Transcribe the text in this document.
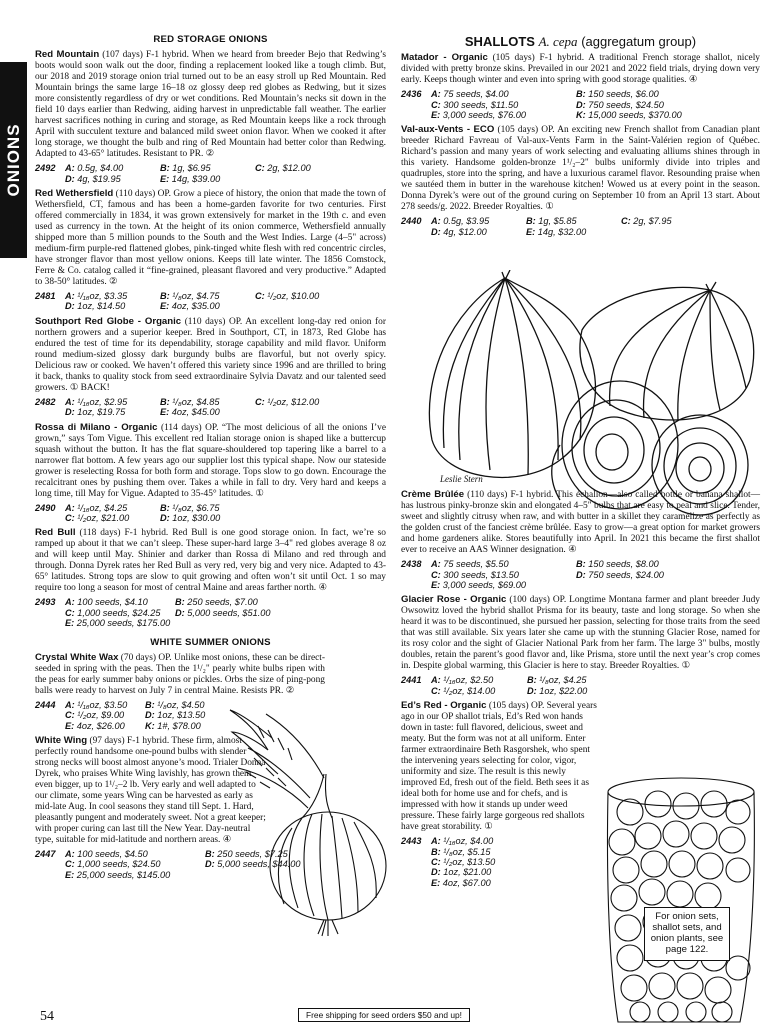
ONIONS
RED STORAGE ONIONS
Red Mountain (107 days) F-1 hybrid. When we heard from breeder Bejo that Redwing’s boots would soon walk out the door, finding a replacement looked like a tough climb. But, our 2018 and 2019 storage onion trial turned out to be an easy stroll up Red Mountain. Red Mountain brings the same large 16–18 oz glossy deep red globes as Redwing, but it sizes more consistently regardless of dry or wet conditions. Red Mountain’s necks sit down in the field 10 days earlier than Redwing, aiding harvest in unpredictable fall weather. The earlier harvest sacrifices nothing in curing and storage, as Red Mountain keeps like a rock through April with succulent texture and balanced mild sweet onion flavor. When we cooked it after long storage, we thought the bulb and ring of Red Mountain had better color than Redwing. Adapted to 43-65° latitudes. Resistant to PR. ②
2492	A: 0.5g, $4.00	B: 1g, $6.95	C: 2g, $12.00
D: 4g, $19.95	E: 14g, $39.00
Red Wethersfield (110 days) OP. Grow a piece of history, the onion that made the town of Wethersfield, CT, famous and has been a home-garden favorite for two centuries. First offered commercially in 1834, it was grown extensively for market in the 19th c. and even used as currency in the town. At the height of its onion commerce, Wethersfield annually shipped more than 5 million pounds to the South and the West Indies. Large (4–5" across) medium-firm purple-red flattened globes, pink-tinged white flesh with red concentric circles, have stronger flavor than most yellow onions. Keeps till late winter. The 1856 Comstock, Ferre & Co. catalog called it “fine-grained, pleasant flavored and very productive.” Adapted to 38-50° latitudes. ②
2481	A: ¹/₁₆oz, $3.35	B: ¹/₈oz, $4.75	C: ¹/₂oz, $10.00
D: 1oz, $14.50	E: 4oz, $35.00
Southport Red Globe - Organic (110 days) OP. An excellent long-day red onion for northern growers and a superior keeper. Bred in Southport, CT, in 1873, Red Globe has endured the test of time for its dependability, storage capability and mild flavor. Uniform round medium-sized glossy dark burgundy bulbs are flavorful, but not overly spicy. Delicious raw or cooked. We haven’t offered this variety since 1996 and are thrilled to bring it back, thanks to quality stock from seed extraordinaire Sylvia Davatz and our talented seed growers. ① BACK!
2482	A: ¹/₁₆oz, $2.95	B: ¹/₈oz, $4.85	C: ¹/₂oz, $12.00
D: 1oz, $19.75	E: 4oz, $45.00
Rossa di Milano - Organic (114 days) OP. “The most delicious of all the onions I’ve grown,” says Tom Vigue. This excellent red Italian storage onion is shaped like a buttercup squash without the button. It has the flat square-shouldered top tapering like a barrel to a narrower flat bottom. A few years ago our supplier lost this typical shape. Now our stateside grower is reselecting Rossa for both form and storage. Tops slow to go down. Encourage the recalcitrant ones by pushing them over. Takes a while in fall to dry. Very hard and keeps a long time, till May for Vigue. Adapted to 35-45° latitudes. ①
2490	A: ¹/₁₆oz, $4.25	B: ¹/₈oz, $6.75
C: ¹/₂oz, $21.00	D: 1oz, $30.00
Red Bull (118 days) F-1 hybrid. Red Bull is one good storage onion. In fact, we’re so ramped up about it that we can’t sleep. These super-hard large 3–4" red globes average 8 oz and will keep until May. Shinier and darker than Rossa di Milano and red through and through. Donna Dyrek rates her Red Bull as very red, very big and very nice. Adapted to 43-65° latitudes. Strong tops are slow to quit growing and often won’t sit until Oct. 1 so may require too long a season for most of central Maine and areas farther north. ④
2493	A: 100 seeds, $4.10	B: 250 seeds, $7.00
C: 1,000 seeds, $24.25	D: 5,000 seeds, $51.00
E: 25,000 seeds, $175.00
WHITE SUMMER ONIONS
Crystal White Wax (70 days) OP. Unlike most onions, these can be direct-seeded in spring with the peas. Then the 1¹/₂" pearly white bulbs ripen with the peas for early summer baby onions or pickles. Orbs the size of ping-pong balls were ready to harvest on July 7 in central Maine. Resists PR. ②
2444	A: ¹/₁₆oz, $3.50	B: ¹/₈oz, $4.50
C: ¹/₂oz, $9.00	D: 1oz, $13.50
E: 4oz, $26.00	K: 1#, $78.00
White Wing (97 days) F-1 hybrid. These firm, almost perfectly round handsome one-pound bulbs with slender strong necks will boost almost anyone’s mood. Trialer Donna Dyrek, who praises White Wing lavishly, has grown them even bigger, up to 1¹/₂–2 lb. Very early and well adapted to our climate, some years Wing can be harvested as early as mid-late Aug. In cool seasons they stand till Sept. 1. Hard, pleasantly pungent and moderately sweet. Not a great keeper; with proper curing can last till the New Year. Day-neutral type, suitable for mid-latitude and northern areas. ④
2447	A: 100 seeds, $4.50	B: 250 seeds, $7.25
C: 1,000 seeds, $24.50	D: 5,000 seeds, $44.00
E: 25,000 seeds, $145.00
SHALLOTS A. cepa (aggregatum group)
Matador - Organic (105 days) F-1 hybrid. A traditional French storage shallot, nicely divided with pretty bronze skins. Prevailed in our 2021 and 2022 field trials, drying down very early. Keeps though winter and even into spring with good storage qualities. ④
2436	A: 75 seeds, $4.00	B: 150 seeds, $6.00
C: 300 seeds, $11.50	D: 750 seeds, $24.50
E: 3,000 seeds, $76.00	K: 15,000 seeds, $370.00
Val-aux-Vents - ECO (105 days) OP. An exciting new French shallot from Canadian plant breeder Richard Favreau of Val-aux-Vents Farm in the Saint-Valérien region of Québec. Richard’s passion and many years of work selecting and evaluating alliums shines through in this variety. Handsome golden-bronze 1¹/₂–2" bulbs uniformly divide into triples and quadruples, store into the spring, and have a luxurious caramel flavor. Resounding praise when we sautéed them in butter in the warehouse kitchen! Wowed us at every point in the season. Donna Dyrek’s were out of the ground curing on September 10 from an April 13 start. About 278 seeds/g. 2022. Breeder Royalties. ①
2440	A: 0.5g, $3.95	B: 1g, $5.85	C: 2g, $7.95
D: 4g, $12.00	E: 14g, $32.00
Crème Brûlée (110 days) F-1 hybrid. This échalion—also called bottle or banana shallot—has lustrous pinky-bronze skin and elongated 4–5" bulbs that are easy to peal and slice. Tender, sweet and slightly citrusy when raw, and with butter in a skillet they caramelize as perfectly as the golden crust of the fanciest crème brûlée. Easy to grow—a great option for market growers and home gardeners alike. Stores beautifully into April. In 2021 this became the first shallot ever to receive an AAS Winner designation. ④
2438	A: 75 seeds, $5.50	B: 150 seeds, $8.00
C: 300 seeds, $13.50	D: 750 seeds, $24.00
E: 3,000 seeds, $69.00
Glacier Rose - Organic (100 days) OP. Longtime Montana farmer and plant breeder Judy Owsowitz loved the hybrid shallot Prisma for its beauty, taste and long storage. So when she heard it was to be discontinued, she pursued her passion, selecting for those traits from the seed that was still available. Six years later she came up with the stunning Glacier Rose, named for its rosy color and the sight of Glacier National Park from her farm. The large 3" bulbs, mostly doubles, retain the parent’s good flavor and, like Prisma, store until the next year’s crop comes in. Despite global warming, this Glacier is here to stay. Breeder Royalties. ①
2441	A: ¹/₁₆oz, $2.50	B: ¹/₈oz, $4.25
C: ¹/₂oz, $14.00	D: 1oz, $22.00
Ed’s Red - Organic (105 days) OP. Several years ago in our OP shallot trials, Ed’s Red won hands down in taste: full flavored, delicious, sweet and meaty. But the form was not at all uniform. Enter farmer extraordinaire Beth Rasgorshek, who spent the intervening years selecting for color, vigor, uniformity and size. The result is this newly improved Ed, fresh out of the field. Beth sees it as ideal both for home use and for chefs, and is impressed with how it stands up under weed pressure. These fairly large gorgeous red shallots have great storability. ①
2443	A: ¹/₁₆oz, $4.00
B: ¹/₈oz, $5.15
C: ¹/₂oz, $13.50
D: 1oz, $21.00
E: 4oz, $67.00
Leslie Stern
For onion sets, shallot sets, and onion plants, see page 122.
54	Free shipping for seed orders $50 and up!
